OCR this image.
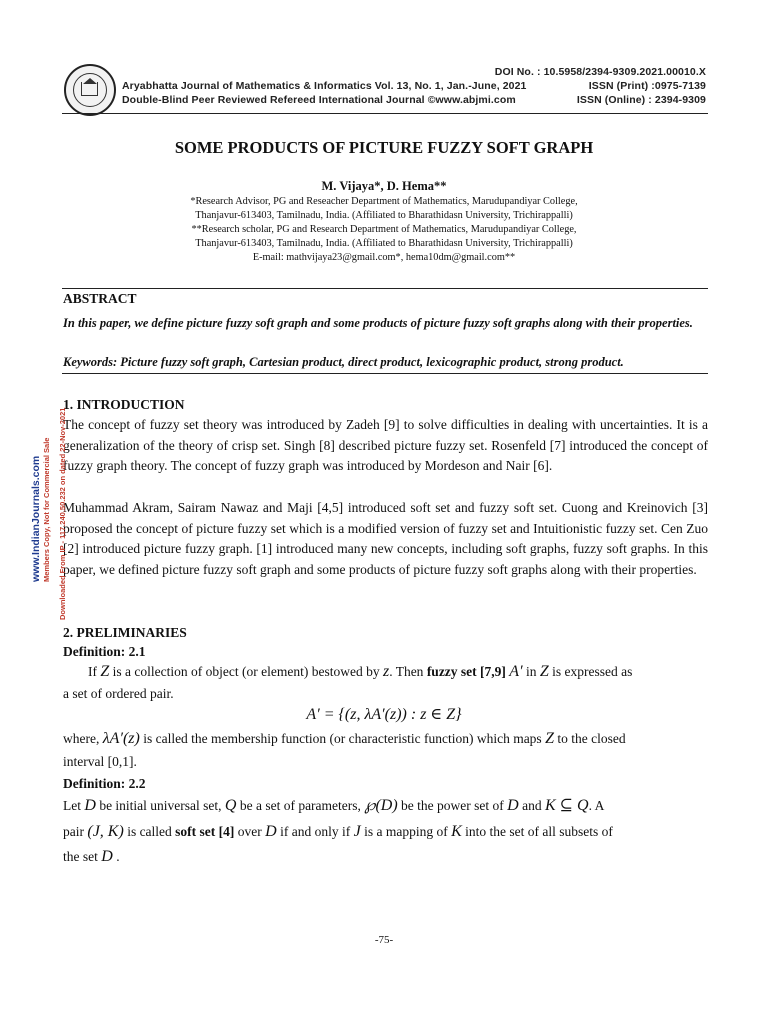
Aryabhatta Journal of Mathematics & Informatics Vol. 13, No. 1, Jan.-June, 2021
Double-Blind Peer Reviewed Refereed International Journal ©www.abjmi.com
DOI No. : 10.5958/2394-9309.2021.00010.X
ISSN (Print) :0975-7139
ISSN (Online) : 2394-9309
SOME PRODUCTS OF PICTURE FUZZY SOFT GRAPH
M. Vijaya*, D. Hema**
*Research Advisor, PG and Reseacher Department of Mathematics, Marudupandiyar College,
Thanjavur-613403, Tamilnadu, India. (Affiliated to Bharathidasn University, Trichirappalli)
**Research scholar, PG and Research Department of Mathematics, Marudupandiyar College,
Thanjavur-613403, Tamilnadu, India. (Affiliated to Bharathidasn University, Trichirappalli)
E-mail: mathvijaya23@gmail.com*, hema10dm@gmail.com**
ABSTRACT
In this paper, we define picture fuzzy soft graph and some products of picture fuzzy soft graphs along with their properties.
Keywords: Picture fuzzy soft graph, Cartesian product, direct product, lexicographic product, strong product.
1. INTRODUCTION
The concept of fuzzy set theory was introduced by Zadeh [9] to solve difficulties in dealing with uncertainties. It is a generalization of the theory of crisp set. Singh [8] described picture fuzzy set. Rosenfeld [7] introduced the concept of fuzzy graph theory. The concept of fuzzy graph was introduced by Mordeson and Nair [6].
Muhammad Akram, Sairam Nawaz and Maji [4,5] introduced soft set and fuzzy soft set. Cuong and Kreinovich [3] proposed the concept of picture fuzzy set which is a modified version of fuzzy set and Intuitionistic fuzzy set. Cen Zuo [2] introduced picture fuzzy graph. [1] introduced many new concepts, including soft graphs, fuzzy soft graphs. In this paper, we defined picture fuzzy soft graph and some products of picture fuzzy soft graphs along with their properties.
2. PRELIMINARIES
Definition: 2.1
If Z is a collection of object (or element) bestowed by z. Then fuzzy set [7,9] A′ in Z is expressed as
a set of ordered pair.
A′ = {(z, λA′(z)) : z ∈ Z}
where, λA′(z) is called the membership function (or characteristic function) which maps Z to the closed
interval [0,1].
Definition: 2.2
Let D be initial universal set, Q be a set of parameters, ℘(D) be the power set of D and K ⊆ Q. A
pair (J, K) is called soft set [4] over D if and only if J is a mapping of K into the set of all subsets of
the set D .
-75-
www.IndianJournals.com Members Copy, Not for Commercial Sale Downloaded From IP - 117.240.50.232 on dated 22-Nov-2021
